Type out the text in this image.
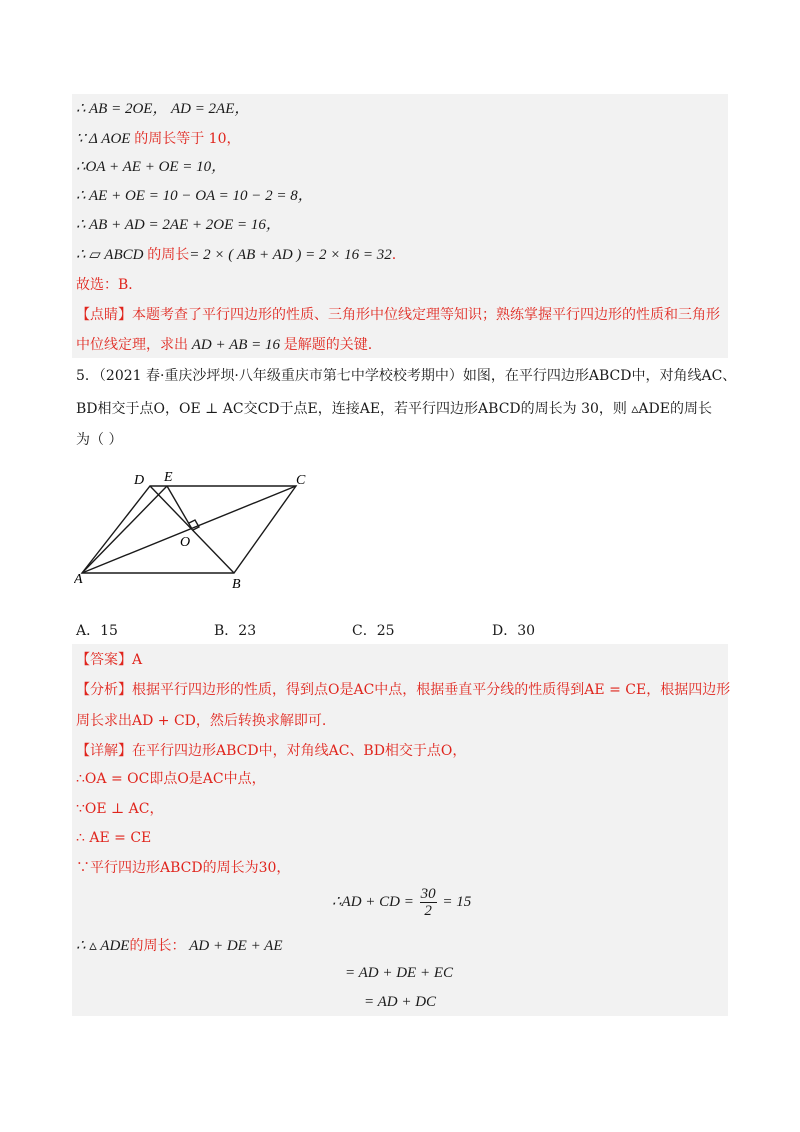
∴ AB = 2OE， AD = 2AE，
∵ Δ AOE 的周长等于 10，
∴OA + AE + OE = 10，
∴ AE + OE = 10 − OA = 10 − 2 = 8，
∴ AB + AD = 2AE + 2OE = 16，
∴ ▱ ABCD 的周长= 2 × ( AB + AD ) = 2 × 16 = 32.
故选：B．
【点睛】本题考查了平行四边形的性质、三角形中位线定理等知识；熟练掌握平行四边形的性质和三角形
中位线定理，求出 AD + AB = 16 是解题的关键.
5．（2021 春·重庆沙坪坝·八年级重庆市第七中学校校考期中）如图，在平行四边形ABCD中，对角线AC、
BD相交于点O，OE ⊥ AC交CD于点E，连接AE，若平行四边形ABCD的周长为 30，则 ▵ADE的周长
为（ ）
D E	C
O
A	B
A．15	B．23	C．25	D．30
【答案】A
【分析】根据平行四边形的性质，得到点O是AC中点，根据垂直平分线的性质得到AE = CE，根据四边形
周长求出AD + CD，然后转换求解即可.
【详解】在平行四边形ABCD中，对角线AC、BD相交于点O，
∴OA = OC即点O是AC中点，
∵OE ⊥ AC，
∴ AE = CE
∵平行四边形ABCD的周长为30，
∴AD + CD = $\frac{30}{2} = 15$
∴ ▵ ADE的周长： AD + DE + AE
= AD + DE + EC
= AD + DC
